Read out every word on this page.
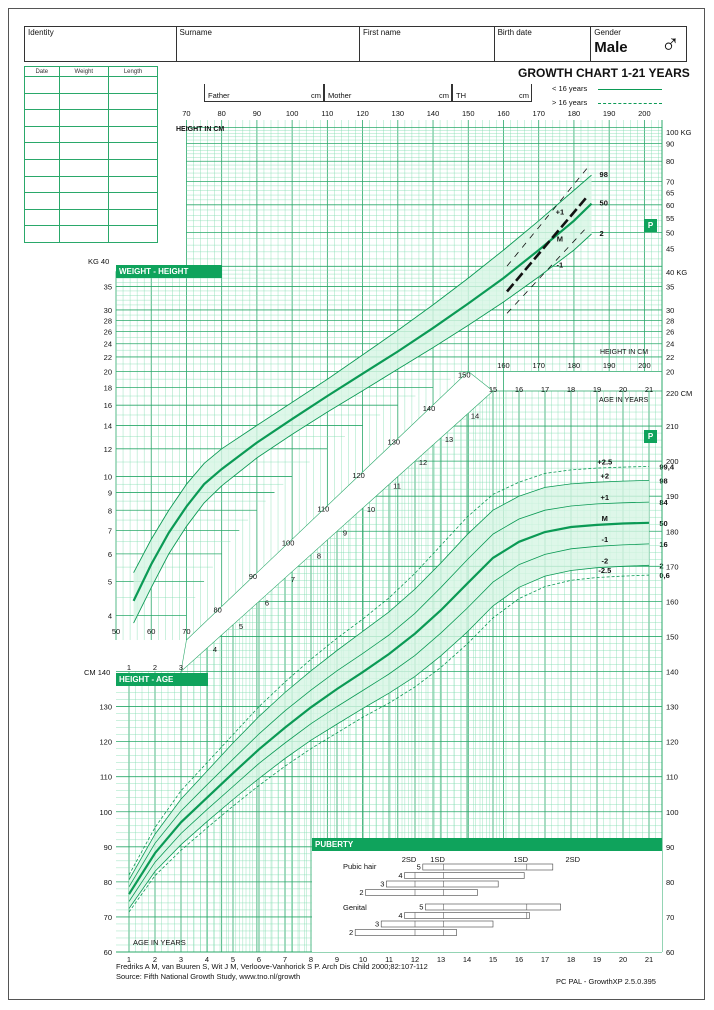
80
90
100
110
120
130
140
150
4
5
6
7
8
9
10
11
12
13
14
98
50
2
+1
M
-1
70	80	90	100	110	120	130	140	150	160	170	180	190	200
50	60	70
160	170	180	190	200
4
5
6
7
8
9
10
12
14
16
18
20
22
24
26
28
30
35
20
22
24
26
28
30
35
45
50
55
60
65
70
80
90
+2.5
99,4
+2
98
+1
84
M
50
-1
16
-2
2
-2.5
0,6
1	2	3	4	5	6	7	8	9	10 11 12 13 14 15 16 17 18 19 20 21
1	2	3
15 16 17 18 19 20 21
60
70
80
90
100
110
120
130
60
70
80
90
100
110
120
130
140
150
160
170
180
190
200
210
Identity	Surname	First name	Birth date	Gender
Male	♂
Date	Weight	Length

			GROWTH CHART 1-21 YEARS
< 16 years
> 16 years
Father	cm Mother	cm TH	cm
WEIGHT - HEIGHT
HEIGHT - AGE
P
P
HEIGHT IN CM
HEIGHT IN CM
100 KG
KG 40
40 KG
AGE IN YEARS
220 CM
CM 140
AGE IN YEARS
PUBERTY
Pubic hair
Genital
2SD 1SD	1SD	2SD
5
4
3
2
5
4
3
2
Fredriks A M, van Buuren S, Wit J M, Verloove-Vanhorick S P. Arch Dis Child 2000;82:107-112
Source: Fifth National Growth Study, www.tno.nl/growth
PC PAL - GrowthXP 2.5.0.395
